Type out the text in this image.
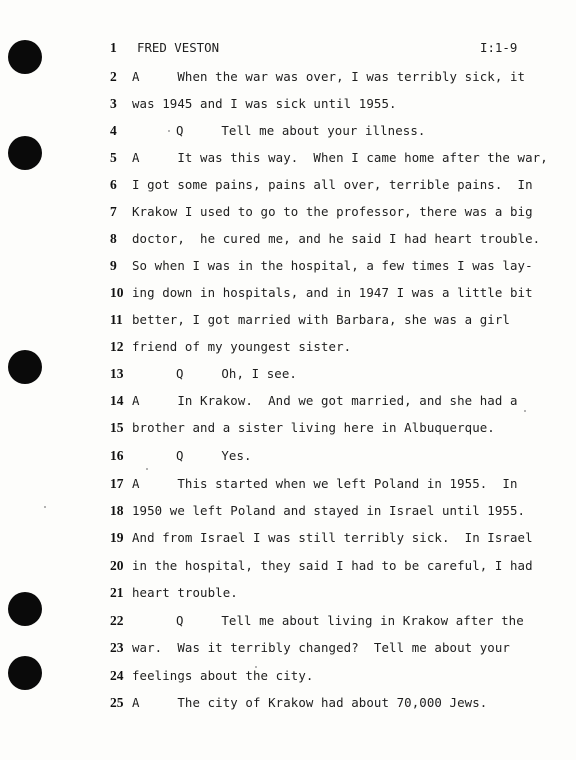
FRED VESTON	I:1-9
1
2	A     When the war was over, I was terribly sick, it
3	was 1945 and I was sick until 1955.
4	Q     Tell me about your illness.
5	A     It was this way.  When I came home after the war,
6	I got some pains, pains all over, terrible pains.  In
7	Krakow I used to go to the professor, there was a big
8	doctor,  he cured me, and he said I had heart trouble.
9	So when I was in the hospital, a few times I was lay-
10 ing down in hospitals, and in 1947 I was a little bit
11 better, I got married with Barbara, she was a girl
12 friend of my youngest sister.
13	Q     Oh, I see.
14 A     In Krakow.  And we got married, and she had a
15 brother and a sister living here in Albuquerque.
16	Q     Yes.
17 A     This started when we left Poland in 1955.  In
18 1950 we left Poland and stayed in Israel until 1955.
19 And from Israel I was still terribly sick.  In Israel
20 in the hospital, they said I had to be careful, I had
21 heart trouble.
22	Q     Tell me about living in Krakow after the
23 war.  Was it terribly changed?  Tell me about your
24 feelings about the city.
25 A     The city of Krakow had about 70,000 Jews.
